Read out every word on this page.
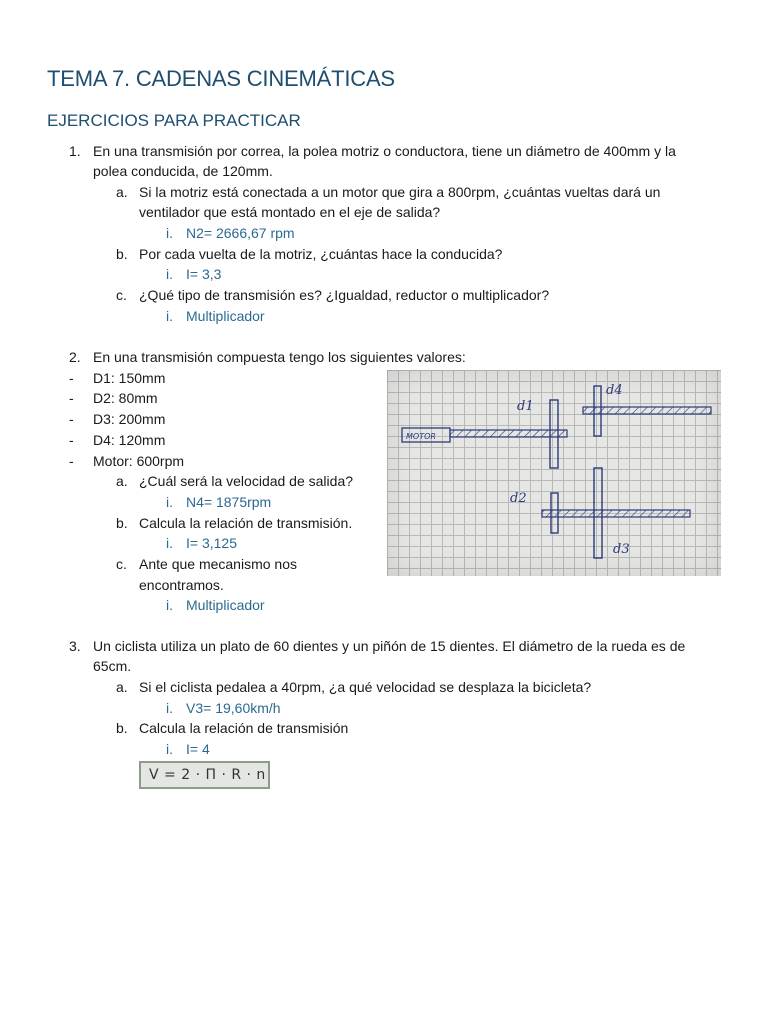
TEMA 7. CADENAS CINEMÁTICAS
EJERCICIOS PARA PRACTICAR
1. En una transmisión por correa, la polea motriz o conductora, tiene un diámetro de 400mm y la
polea conducida, de 120mm.
a. Si la motriz está conectada a un motor que gira a 800rpm, ¿cuántas vueltas dará un
ventilador que está montado en el eje de salida?
i. N2= 2666,67 rpm
b. Por cada vuelta de la motriz, ¿cuántas hace la conducida?
i. I= 3,3
c. ¿Qué tipo de transmisión es? ¿Igualdad, reductor o multiplicador?
i. Multiplicador
2. En una transmisión compuesta tengo los siguientes valores:
- D1: 150mm
- D2: 80mm
- D3: 200mm
- D4: 120mm
- Motor: 600rpm
a. ¿Cuál será la velocidad de salida?
i. N4= 1875rpm
b. Calcula la relación de transmisión.
i. I= 3,125
c. Ante que mecanismo nos
encontramos.
i. Multiplicador
MOTOR
d1
d4
d2
d3
3. Un ciclista utiliza un plato de 60 dientes y un piñón de 15 dientes. El diámetro de la rueda es de
65cm.
a. Si el ciclista pedalea a 40rpm, ¿a qué velocidad se desplaza la bicicleta?
i. V3= 19,60km/h
b. Calcula la relación de transmisión
i. I= 4
V = 2 · Π · R · n
